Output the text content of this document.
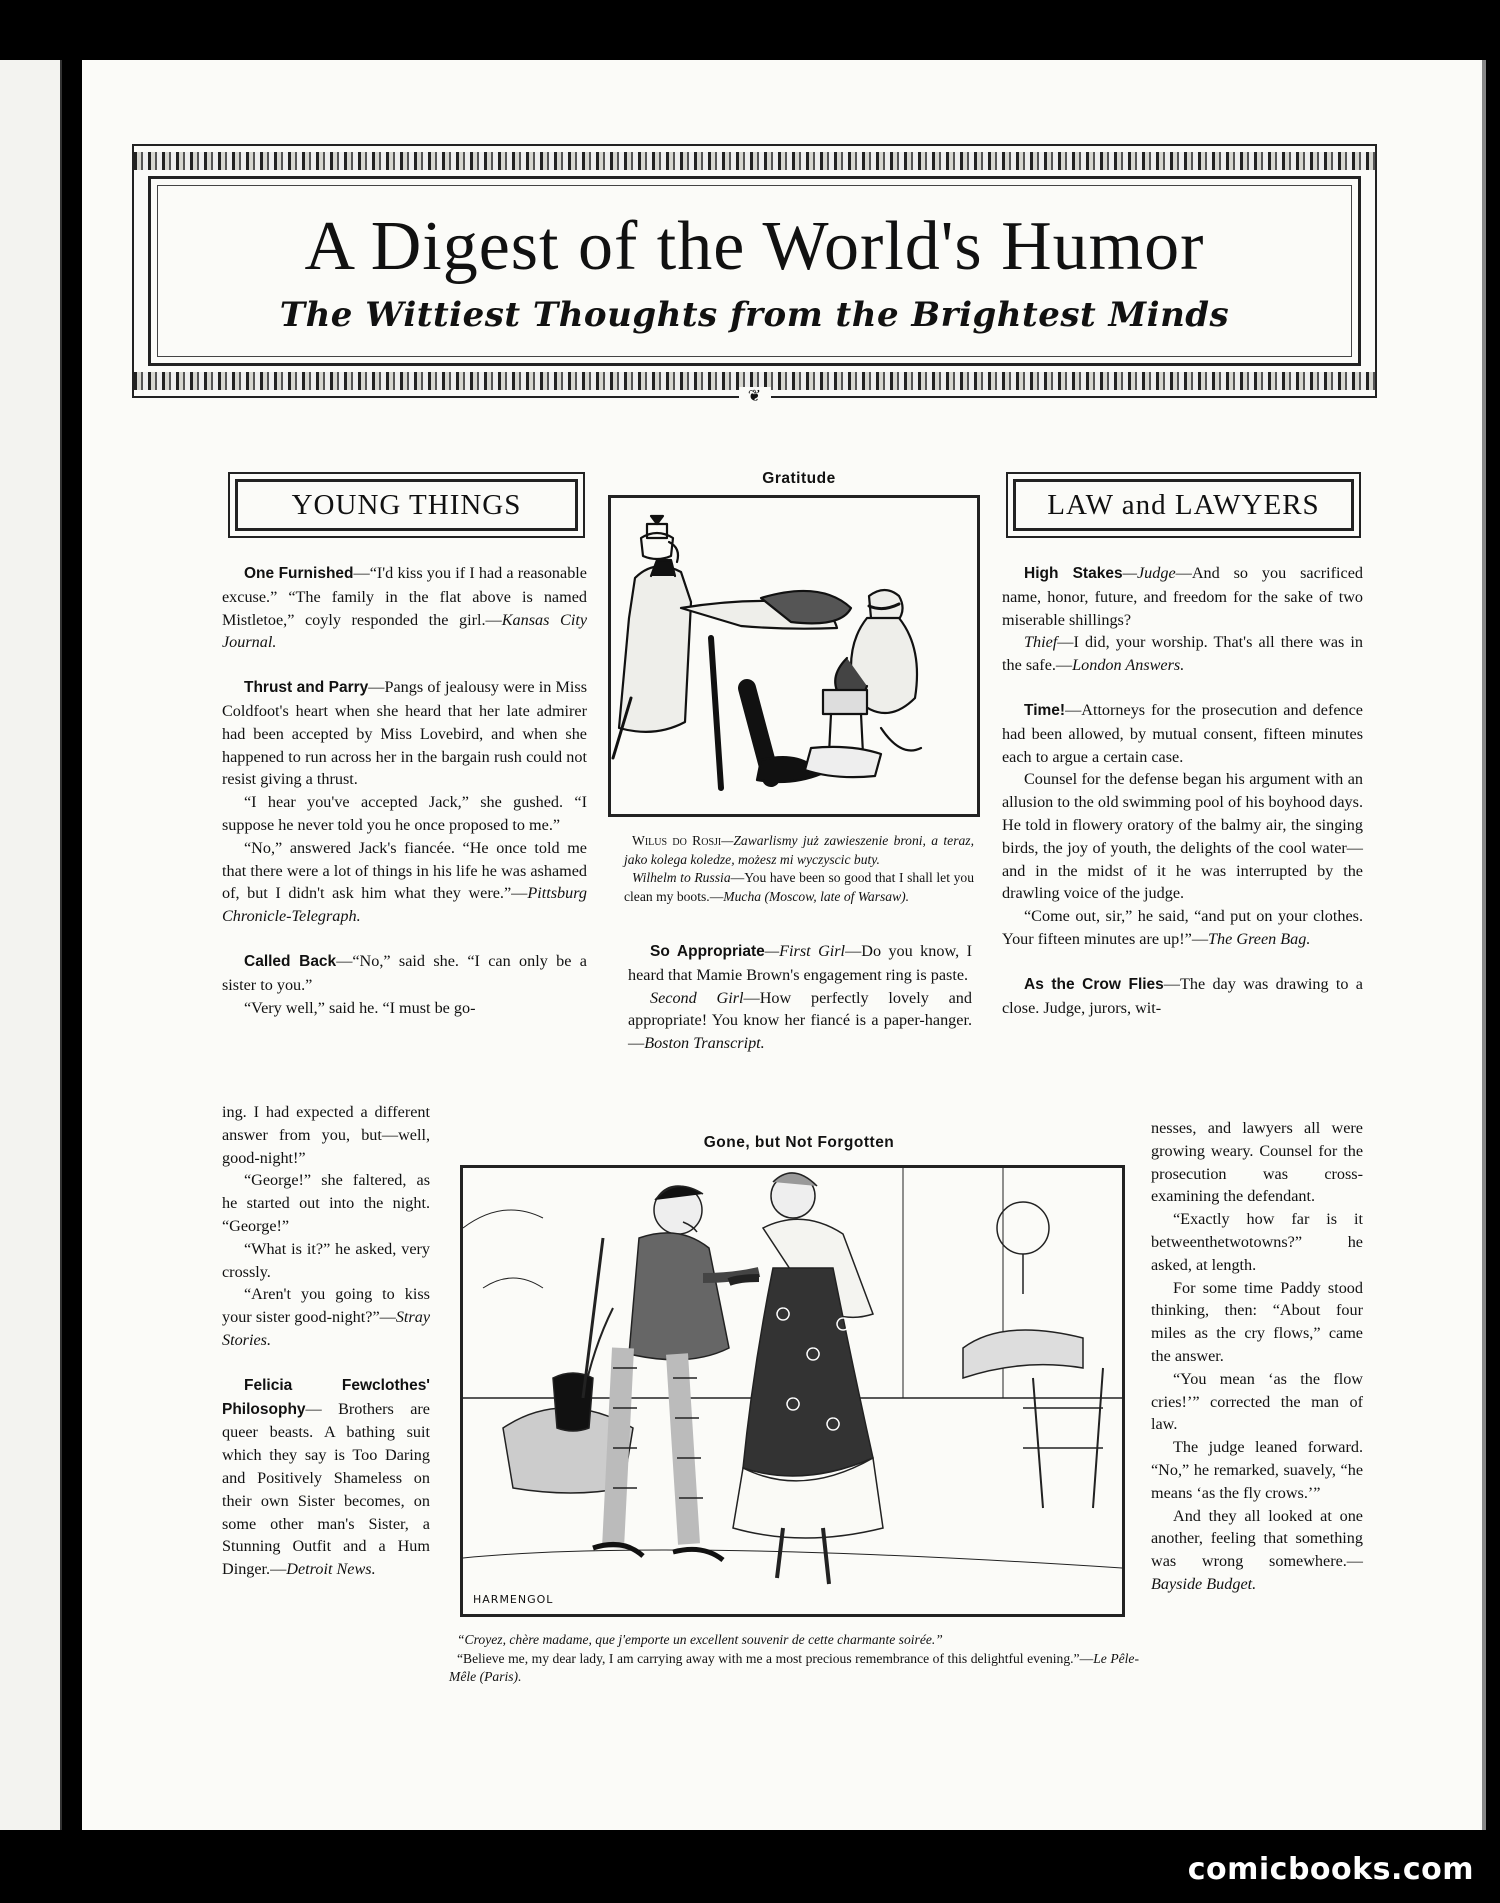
A Digest of the World's Humor
The Wittiest Thoughts from the Brightest Minds
❦
YOUNG THINGS	LAW and LAWYERS

One Furnished—“I'd kiss you if I had a reasonable excuse.” “The family in the flat above is named Mistletoe,” coyly responded the girl.—Kansas City Journal.

Thrust and Parry—Pangs of jealousy were in Miss Coldfoot's heart when she heard that her late admirer had been accepted by Miss Lovebird, and when she happened to run across her in the bargain rush could not resist giving a thrust.

“I hear you've accepted Jack,” she gushed. “I suppose he never told you he once proposed to me.”

“No,” answered Jack's fiancée. “He once told me that there were a lot of things in his life he was ashamed of, but I didn't ask him what they were.”—Pittsburg Chronicle-Telegraph.

Called Back—“No,” said she. “I can only be a sister to you.”

“Very well,” said he. “I must be go-

ing. I had expected a different answer from you, but—well, good-night!”

“George!” she faltered, as he started out into the night. “George!”

“What is it?” he asked, very crossly.

“Aren't you going to kiss your sister good-night?”—Stray Stories.

Felicia Fewclothes' Philosophy— Brothers are queer beasts. A bathing suit which they say is Too Daring and Positively Shameless on their own Sister becomes, on some other man's Sister, a Stunning Outfit and a Hum Dinger.—Detroit News.

Gratitude

Wilus do Rosji—Zawarlismy już zawieszenie broni, a teraz, jako kolega koledze, możesz mi wyczyscic buty.

Wilhelm to Russia—You have been so good that I shall let you clean my boots.—Mucha (Moscow, late of Warsaw).

So Appropriate—First Girl—Do you know, I heard that Mamie Brown's engagement ring is paste.

Second Girl—How perfectly lovely and appropriate! You know her fiancé is a paper-hanger.—Boston Transcript.

Gone, but Not Forgotten
HARMENGOL

“Croyez, chère madame, que j'emporte un excellent souvenir de cette charmante soirée.”

“Believe me, my dear lady, I am carrying away with me a most precious remembrance of this delightful evening.”—Le Pêle-Mêle (Paris).

High Stakes—Judge—And so you sacrificed name, honor, future, and freedom for the sake of two miserable shillings?

Thief—I did, your worship. That's all there was in the safe.—London Answers.

Time!—Attorneys for the prosecution and defence had been allowed, by mutual consent, fifteen minutes each to argue a certain case.

Counsel for the defense began his argument with an allusion to the old swimming pool of his boyhood days. He told in flowery oratory of the balmy air, the singing birds, the joy of youth, the delights of the cool water—and in the midst of it he was interrupted by the drawling voice of the judge.

“Come out, sir,” he said, “and put on your clothes. Your fifteen minutes are up!”—The Green Bag.

As the Crow Flies—The day was drawing to a close. Judge, jurors, wit-

nesses, and lawyers all were growing weary. Counsel for the prosecution was cross-examining the defendant.

“Exactly how far is it betweenthetwotowns?” he asked, at length.

For some time Paddy stood thinking, then: “About four miles as the cry flows,” came the answer.

“You mean ‘as the flow cries!’” corrected the man of law.

The judge leaned forward. “No,” he remarked, suavely, “he means ‘as the fly crows.’”

And they all looked at one another, feeling that something was wrong somewhere.—Bayside Budget.

comicbooks.com
